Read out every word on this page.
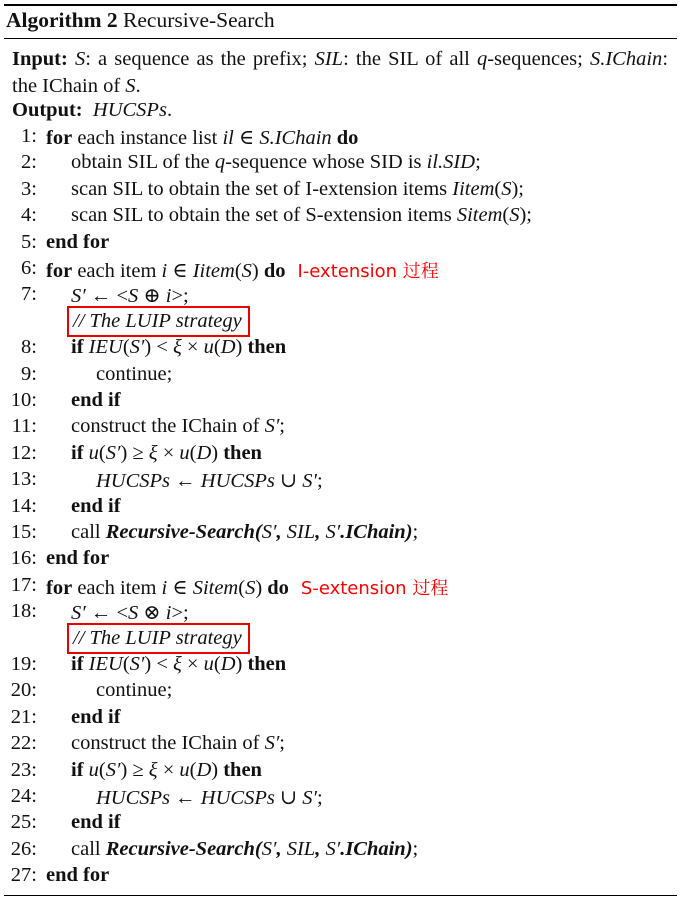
Algorithm 2 Recursive-Search
Input: S: a sequence as the prefix; SIL: the SIL of all q-sequences; S.IChain: the IChain of S.
Output: HUCSPs.
1: for each instance list il ∈ S.IChain do
2: obtain SIL of the q-sequence whose SID is il.SID;
3: scan SIL to obtain the set of I-extension items Iitem(S);
4: scan SIL to obtain the set of S-extension items Sitem(S);
5: end for
6: for each item i ∈ Iitem(S) do I-extension 过程
7: S′ ← <S ⊕ i>;
// The LUIP strategy
8: if IEU(S′) < ξ × u(D) then
9:	continue;
10: end if
11: construct the IChain of S′;
12: if u(S′) ≥ ξ × u(D) then
13:	HUCSPs ← HUCSPs ∪ S′;
14: end if
15: call Recursive-Search(S′, SIL, S′.IChain);
16: end for
17: for each item i ∈ Sitem(S) do S-extension 过程
18: S′ ← <S ⊗ i>;
// The LUIP strategy
19: if IEU(S′) < ξ × u(D) then
20:	continue;
21: end if
22: construct the IChain of S′;
23: if u(S′) ≥ ξ × u(D) then
24:	HUCSPs ← HUCSPs ∪ S′;
25: end if
26: call Recursive-Search(S′, SIL, S′.IChain);
27: end for
